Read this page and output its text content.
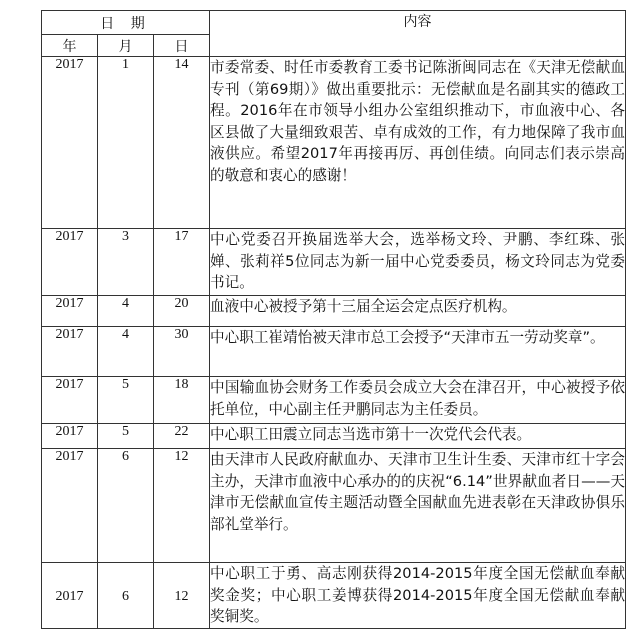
日 期			内容
年	月	日	
2017	1	14	市委常委、时任市委教育工委书记陈浙闽同志在《天津无偿献血专刊（第69期）》做出重要批示：无偿献血是名副其实的德政工程。2016年在市领导小组办公室组织推动下，市血液中心、各区县做了大量细致艰苦、卓有成效的工作，有力地保障了我市血液供应。希望2017年再接再厉、再创佳绩。向同志们表示崇高的敬意和衷心的感谢！
2017	3	17	中心党委召开换届选举大会，选举杨文玲、尹鹏、李红珠、张婵、张莉祥5位同志为新一届中心党委委员，杨文玲同志为党委书记。
2017	4	20	血液中心被授予第十三届全运会定点医疗机构。
2017	4	30	中心职工崔靖怡被天津市总工会授予“天津市五一劳动奖章”。
2017	5	18	中国输血协会财务工作委员会成立大会在津召开，中心被授予依托单位，中心副主任尹鹏同志为主任委员。
2017	5	22	中心职工田震立同志当选市第十一次党代会代表。
2017	6	12	由天津市人民政府献血办、天津市卫生计生委、天津市红十字会主办，天津市血液中心承办的的庆祝“6.14”世界献血者日——天津市无偿献血宣传主题活动暨全国献血先进表彰在天津政协俱乐部礼堂举行。
2017	6	12	中心职工于勇、高志刚获得2014-2015年度全国无偿献血奉献奖金奖；中心职工姜博获得2014-2015年度全国无偿献血奉献奖铜奖。
